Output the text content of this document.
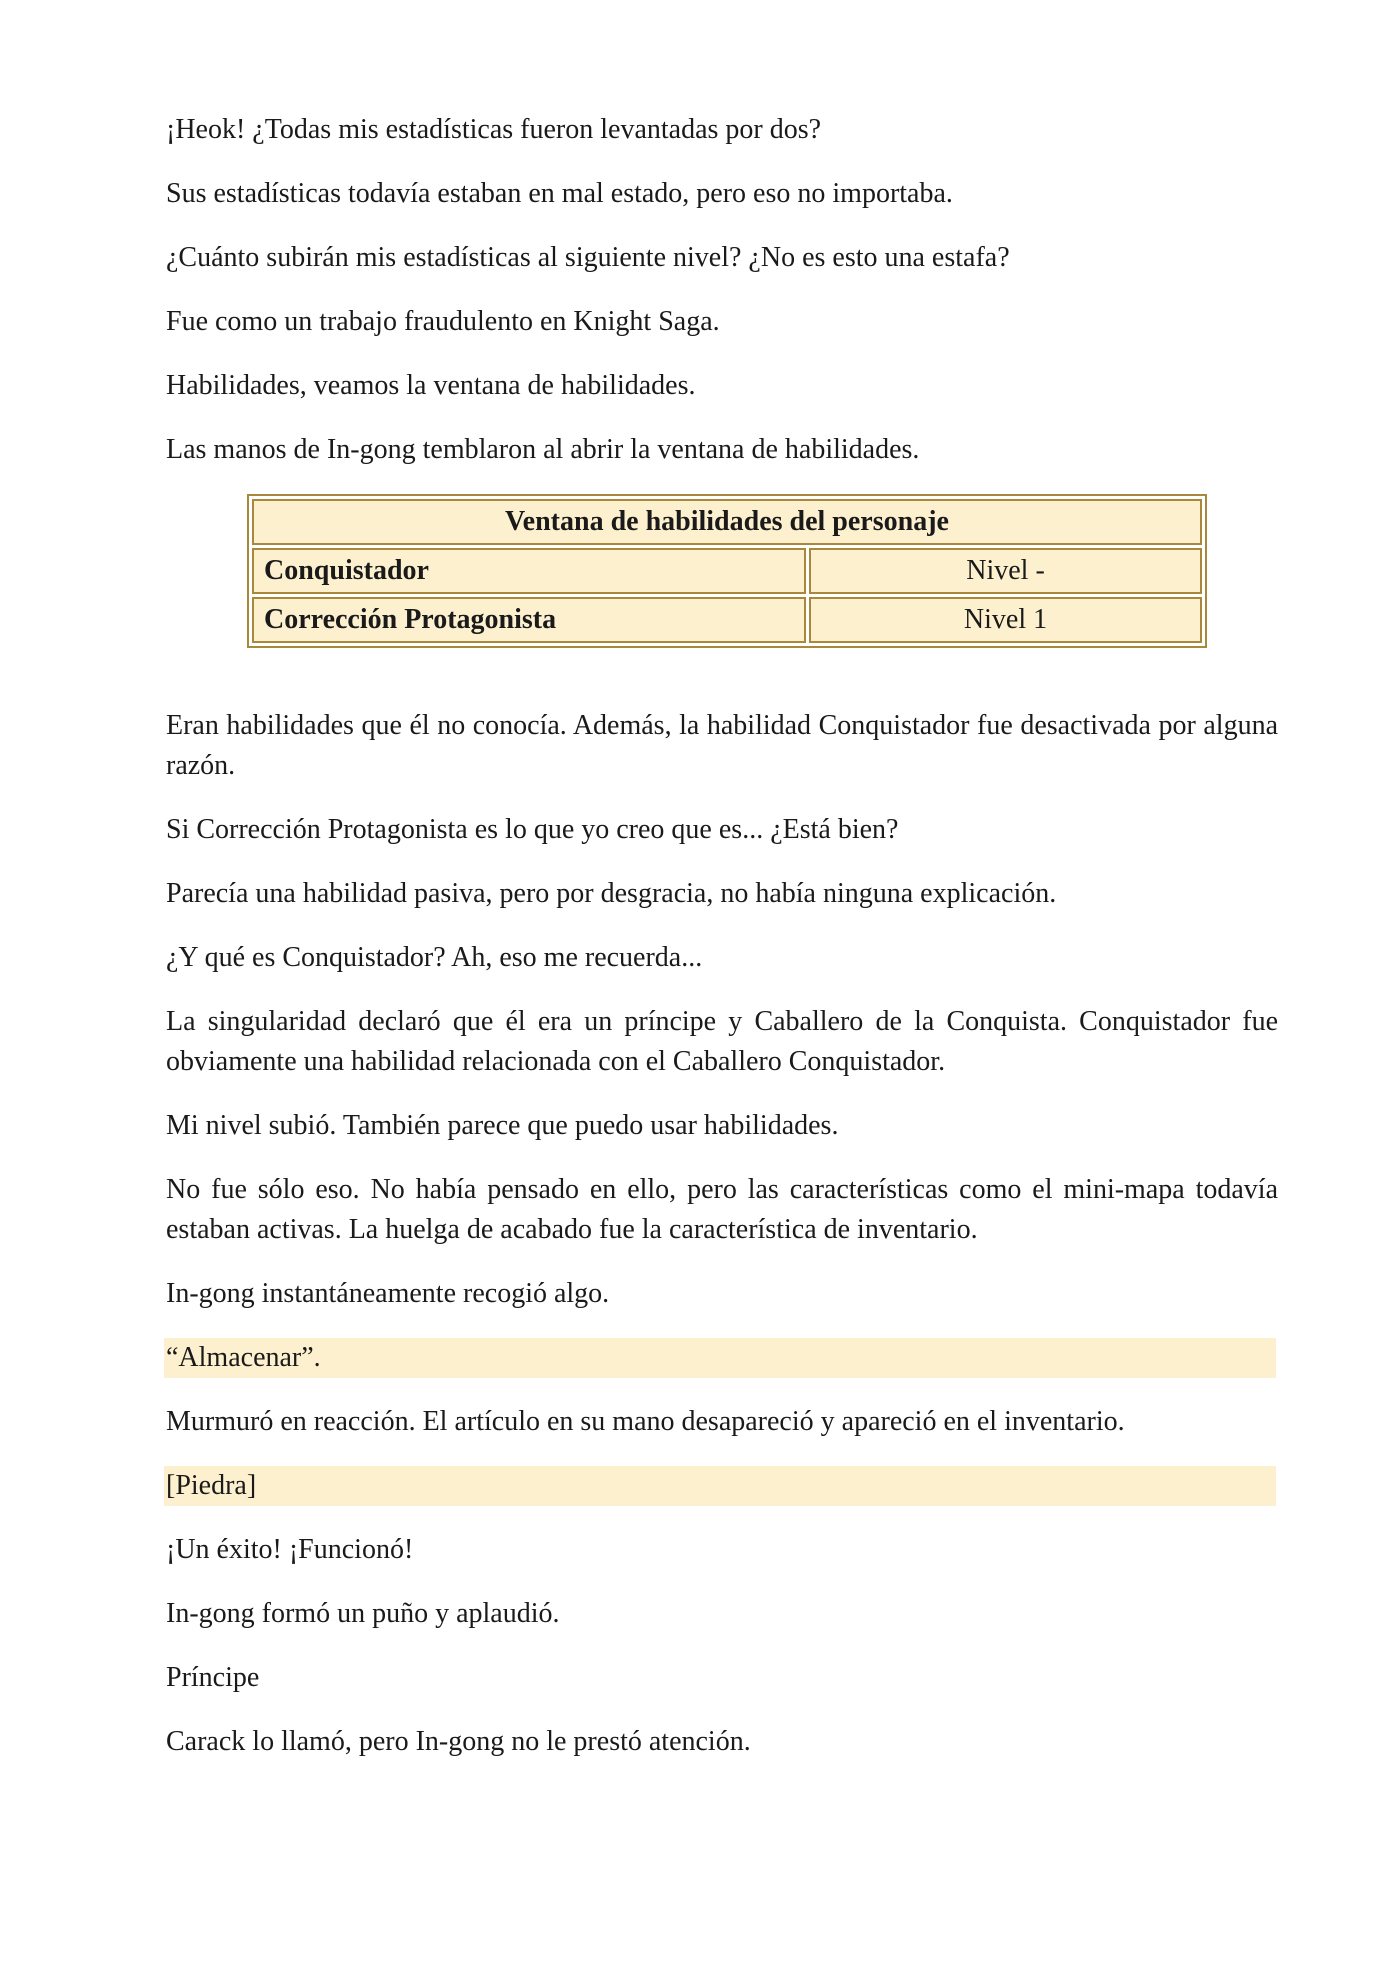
¡Heok! ¿Todas mis estadísticas fueron levantadas por dos?

Sus estadísticas todavía estaban en mal estado, pero eso no importaba.

¿Cuánto subirán mis estadísticas al siguiente nivel? ¿No es esto una estafa?

Fue como un trabajo fraudulento en Knight Saga.

Habilidades, veamos la ventana de habilidades.

Las manos de In-gong temblaron al abrir la ventana de habilidades.

Ventana de habilidades del personaje	
Conquistador	Nivel -
Corrección Protagonista	Nivel 1

Eran habilidades que él no conocía. Además, la habilidad Conquistador fue desactivada por alguna razón.

Si Corrección Protagonista es lo que yo creo que es... ¿Está bien?

Parecía una habilidad pasiva, pero por desgracia, no había ninguna explicación.

¿Y qué es Conquistador? Ah, eso me recuerda...

La singularidad declaró que él era un príncipe y Caballero de la Conquista. Conquistador fue obviamente una habilidad relacionada con el Caballero Conquistador.

Mi nivel subió. También parece que puedo usar habilidades.

No fue sólo eso. No había pensado en ello, pero las características como el mini-mapa todavía estaban activas. La huelga de acabado fue la característica de inventario.

In-gong instantáneamente recogió algo.

“Almacenar”.

Murmuró en reacción. El artículo en su mano desapareció y apareció en el inventario.

[Piedra]

¡Un éxito! ¡Funcionó!

In-gong formó un puño y aplaudió.

Príncipe

Carack lo llamó, pero In-gong no le prestó atención.
